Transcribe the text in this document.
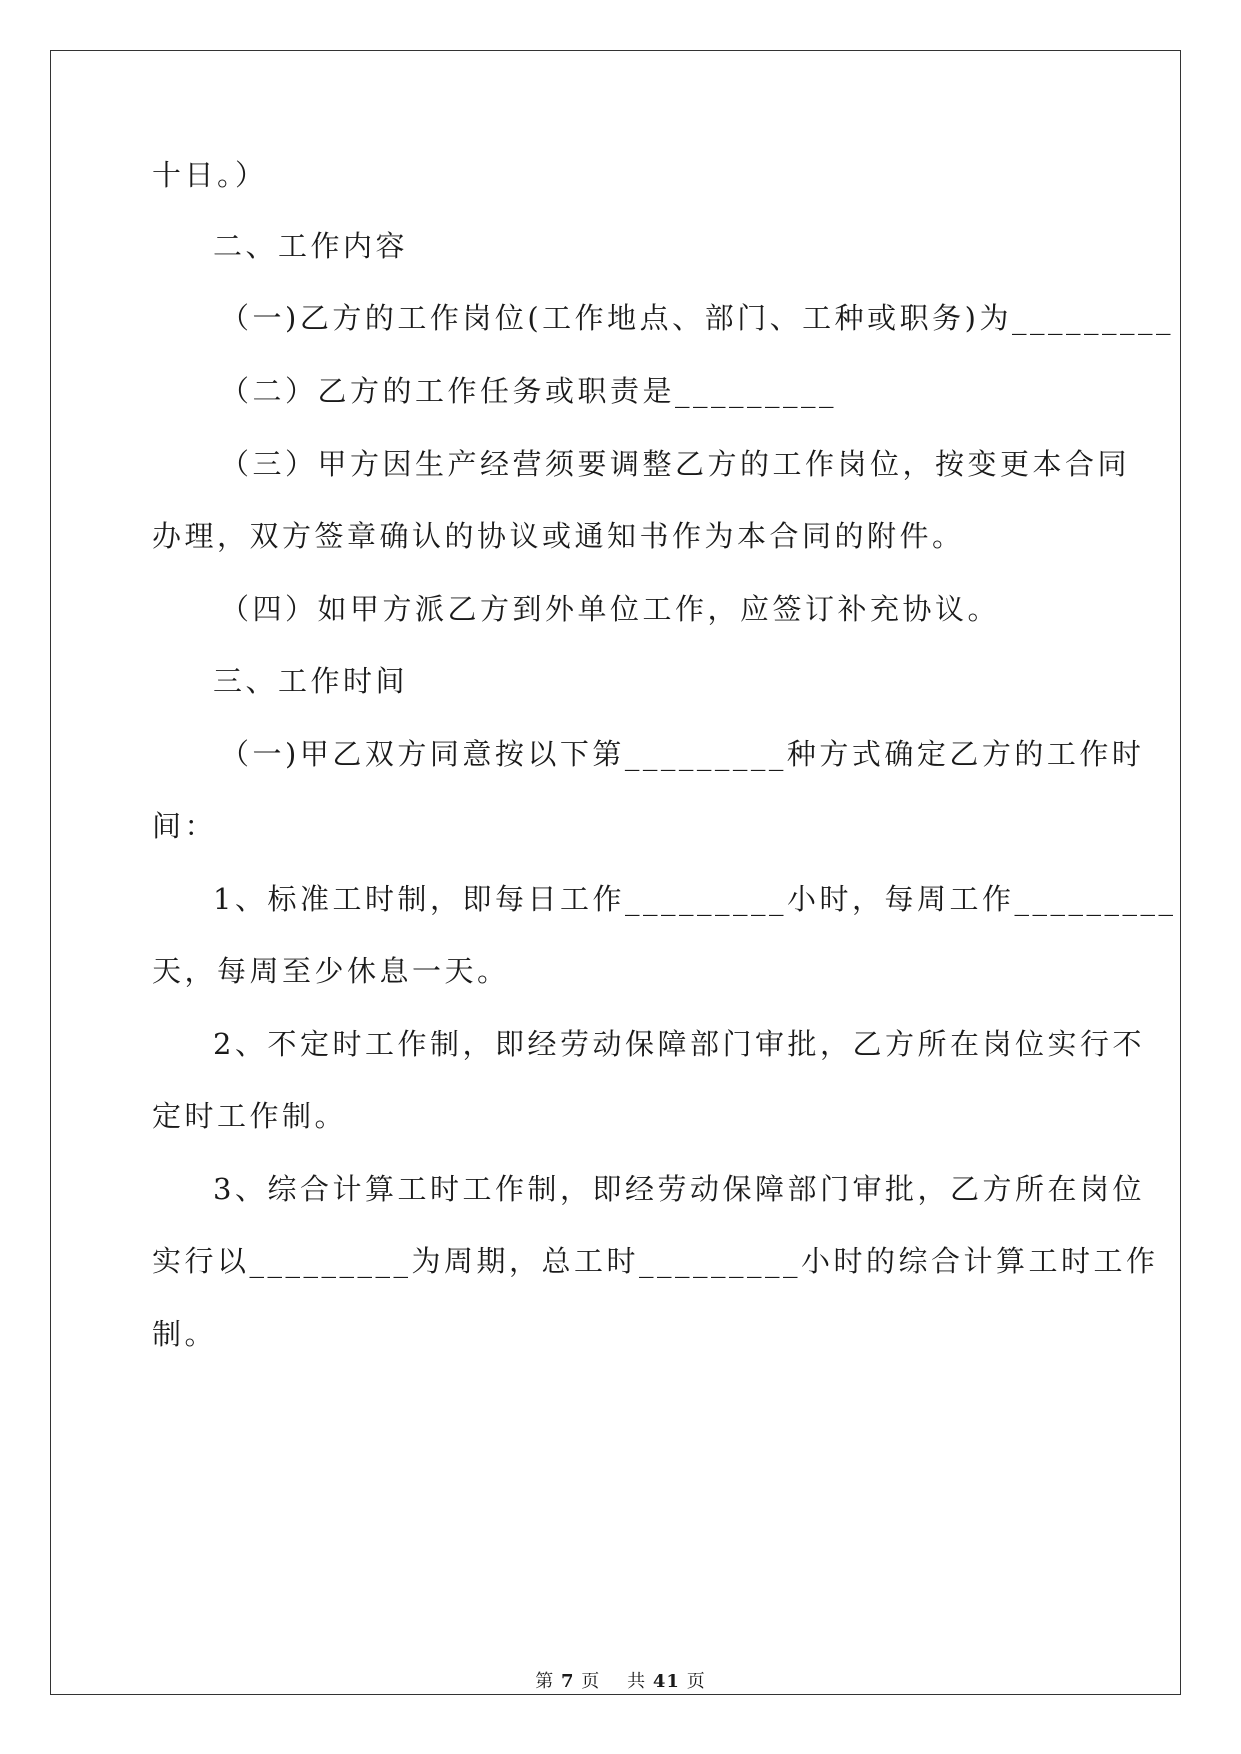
十日。）
二、工作内容
（一)乙方的工作岗位(工作地点、部门、工种或职务)为_________
（二）乙方的工作任务或职责是_________
（三）甲方因生产经营须要调整乙方的工作岗位，按变更本合同
办理，双方签章确认的协议或通知书作为本合同的附件。
（四）如甲方派乙方到外单位工作，应签订补充协议。
三、工作时间
（一)甲乙双方同意按以下第_________种方式确定乙方的工作时
间：
1、标准工时制，即每日工作_________小时，每周工作_________
天，每周至少休息一天。
2、不定时工作制，即经劳动保障部门审批，乙方所在岗位实行不
定时工作制。
3、综合计算工时工作制，即经劳动保障部门审批，乙方所在岗位
实行以_________为周期，总工时_________小时的综合计算工时工作
制。
第 7 页 共 41 页
